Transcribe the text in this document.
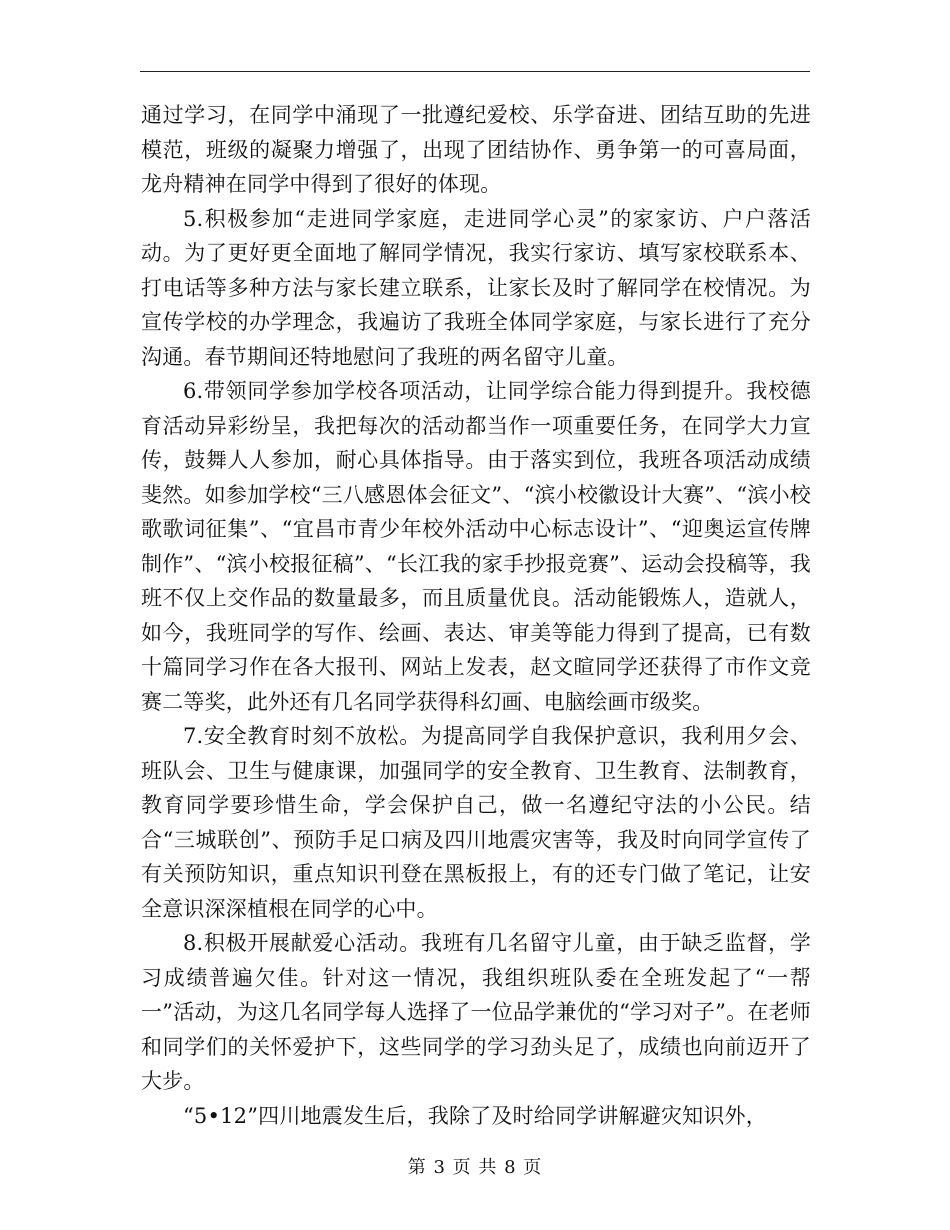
通过学习，在同学中涌现了一批遵纪爱校、乐学奋进、团结互助的先进模范，班级的凝聚力增强了，出现了团结协作、勇争第一的可喜局面，龙舟精神在同学中得到了很好的体现。

5.积极参加“走进同学家庭，走进同学心灵”的家家访、户户落活动。为了更好更全面地了解同学情况，我实行家访、填写家校联系本、打电话等多种方法与家长建立联系，让家长及时了解同学在校情况。为宣传学校的办学理念，我遍访了我班全体同学家庭，与家长进行了充分沟通。春节期间还特地慰问了我班的两名留守儿童。

6.带领同学参加学校各项活动，让同学综合能力得到提升。我校德育活动异彩纷呈，我把每次的活动都当作一项重要任务，在同学大力宣传，鼓舞人人参加，耐心具体指导。由于落实到位，我班各项活动成绩斐然。如参加学校“三八感恩体会征文”、“滨小校徽设计大赛”、“滨小校歌歌词征集”、“宜昌市青少年校外活动中心标志设计”、“迎奥运宣传牌制作”、“滨小校报征稿”、“长江我的家手抄报竞赛”、运动会投稿等，我班不仅上交作品的数量最多，而且质量优良。活动能锻炼人，造就人，如今，我班同学的写作、绘画、表达、审美等能力得到了提高，已有数十篇同学习作在各大报刊、网站上发表，赵文暄同学还获得了市作文竞赛二等奖，此外还有几名同学获得科幻画、电脑绘画市级奖。

7.安全教育时刻不放松。为提高同学自我保护意识，我利用夕会、班队会、卫生与健康课，加强同学的安全教育、卫生教育、法制教育，教育同学要珍惜生命，学会保护自己，做一名遵纪守法的小公民。结合“三城联创”、预防手足口病及四川地震灾害等，我及时向同学宣传了有关预防知识，重点知识刊登在黑板报上，有的还专门做了笔记，让安全意识深深植根在同学的心中。

8.积极开展献爱心活动。我班有几名留守儿童，由于缺乏监督，学习成绩普遍欠佳。针对这一情况，我组织班队委在全班发起了“一帮一”活动，为这几名同学每人选择了一位品学兼优的“学习对子”。在老师和同学们的关怀爱护下，这些同学的学习劲头足了，成绩也向前迈开了大步。

“5•12”四川地震发生后，我除了及时给同学讲解避灾知识外，

第 3 页 共 8 页
